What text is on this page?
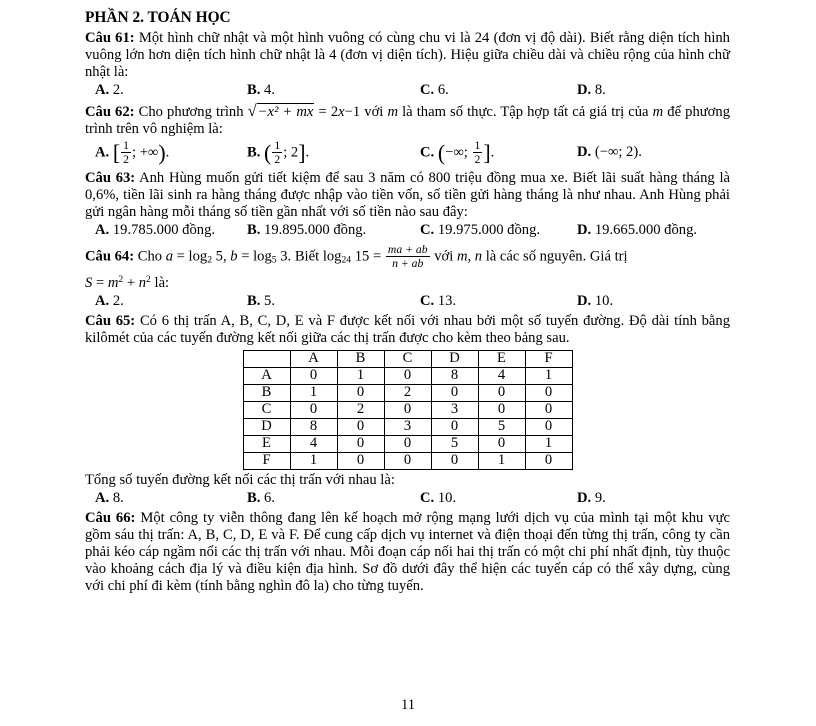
PHẦN 2. TOÁN HỌC

Câu 61: Một hình chữ nhật và một hình vuông có cùng chu vi là 24 (đơn vị độ dài). Biết rằng diện tích hình vuông lớn hơn diện tích hình chữ nhật là 4 (đơn vị diện tích). Hiệu giữa chiều dài và chiều rộng của hình chữ nhật là:

A. 2.	B. 4.	C. 6.	D. 8.

Câu 62: Cho phương trình √−x² + mx = 2x−1 với m là tham số thực. Tập hợp tất cả giá trị của m để phương trình trên vô nghiệm là:

A. [ $\frac{1}{2}$ ; +∞).	B. ( $\frac{1}{2}$ ; 2].	C. (−∞; $\frac{1}{2}$ ].	D. (−∞; 2).

Câu 63: Anh Hùng muốn gửi tiết kiệm để sau 3 năm có 800 triệu đồng mua xe. Biết lãi suất hàng tháng là 0,6%, tiền lãi sinh ra hàng tháng được nhập vào tiền vốn, số tiền gửi hàng tháng là như nhau. Anh Hùng phải gửi ngân hàng mỗi tháng số tiền gần nhất với số tiền nào sau đây:

A. 19.785.000 đồng.	B. 19.895.000 đồng.	C. 19.975.000 đồng.	D. 19.665.000 đồng.

Câu 64: Cho $a = \log_2 5$, $b = \log_5 3$. Biết $\log_{24} 15 = \frac{ma + ab}{n + ab}$ với m, n là các số nguyên. Giá trị

$S = m^2 + n^2$ là:

A. 2.	B. 5.	C. 13.	D. 10.

Câu 65: Có 6 thị trấn A, B, C, D, E và F được kết nối với nhau bởi một số tuyến đường. Độ dài tính bằng kilômét của các tuyến đường kết nối giữa các thị trấn được cho kèm theo bảng sau.

	A	B	C	D	E	F
A	0	1	0	8	4	1
B	1	0	2	0	0	0
C	0	2	0	3	0	0
D	8	0	3	0	5	0
E	4	0	0	5	0	1
F	1	0	0	0	1	0

Tổng số tuyến đường kết nối các thị trấn với nhau là:

A. 8.	B. 6.	C. 10.	D. 9.

Câu 66: Một công ty viễn thông đang lên kế hoạch mở rộng mạng lưới dịch vụ của mình tại một khu vực gồm sáu thị trấn: A, B, C, D, E và F. Để cung cấp dịch vụ internet và điện thoại đến từng thị trấn, công ty cần phải kéo cáp ngầm nối các thị trấn với nhau. Mỗi đoạn cáp nối hai thị trấn có một chi phí nhất định, tùy thuộc vào khoảng cách địa lý và điều kiện địa hình. Sơ đồ dưới đây thể hiện các tuyến cáp có thể xây dựng, cùng với chi phí đi kèm (tính bằng nghìn đô la) cho từng tuyến.

11
